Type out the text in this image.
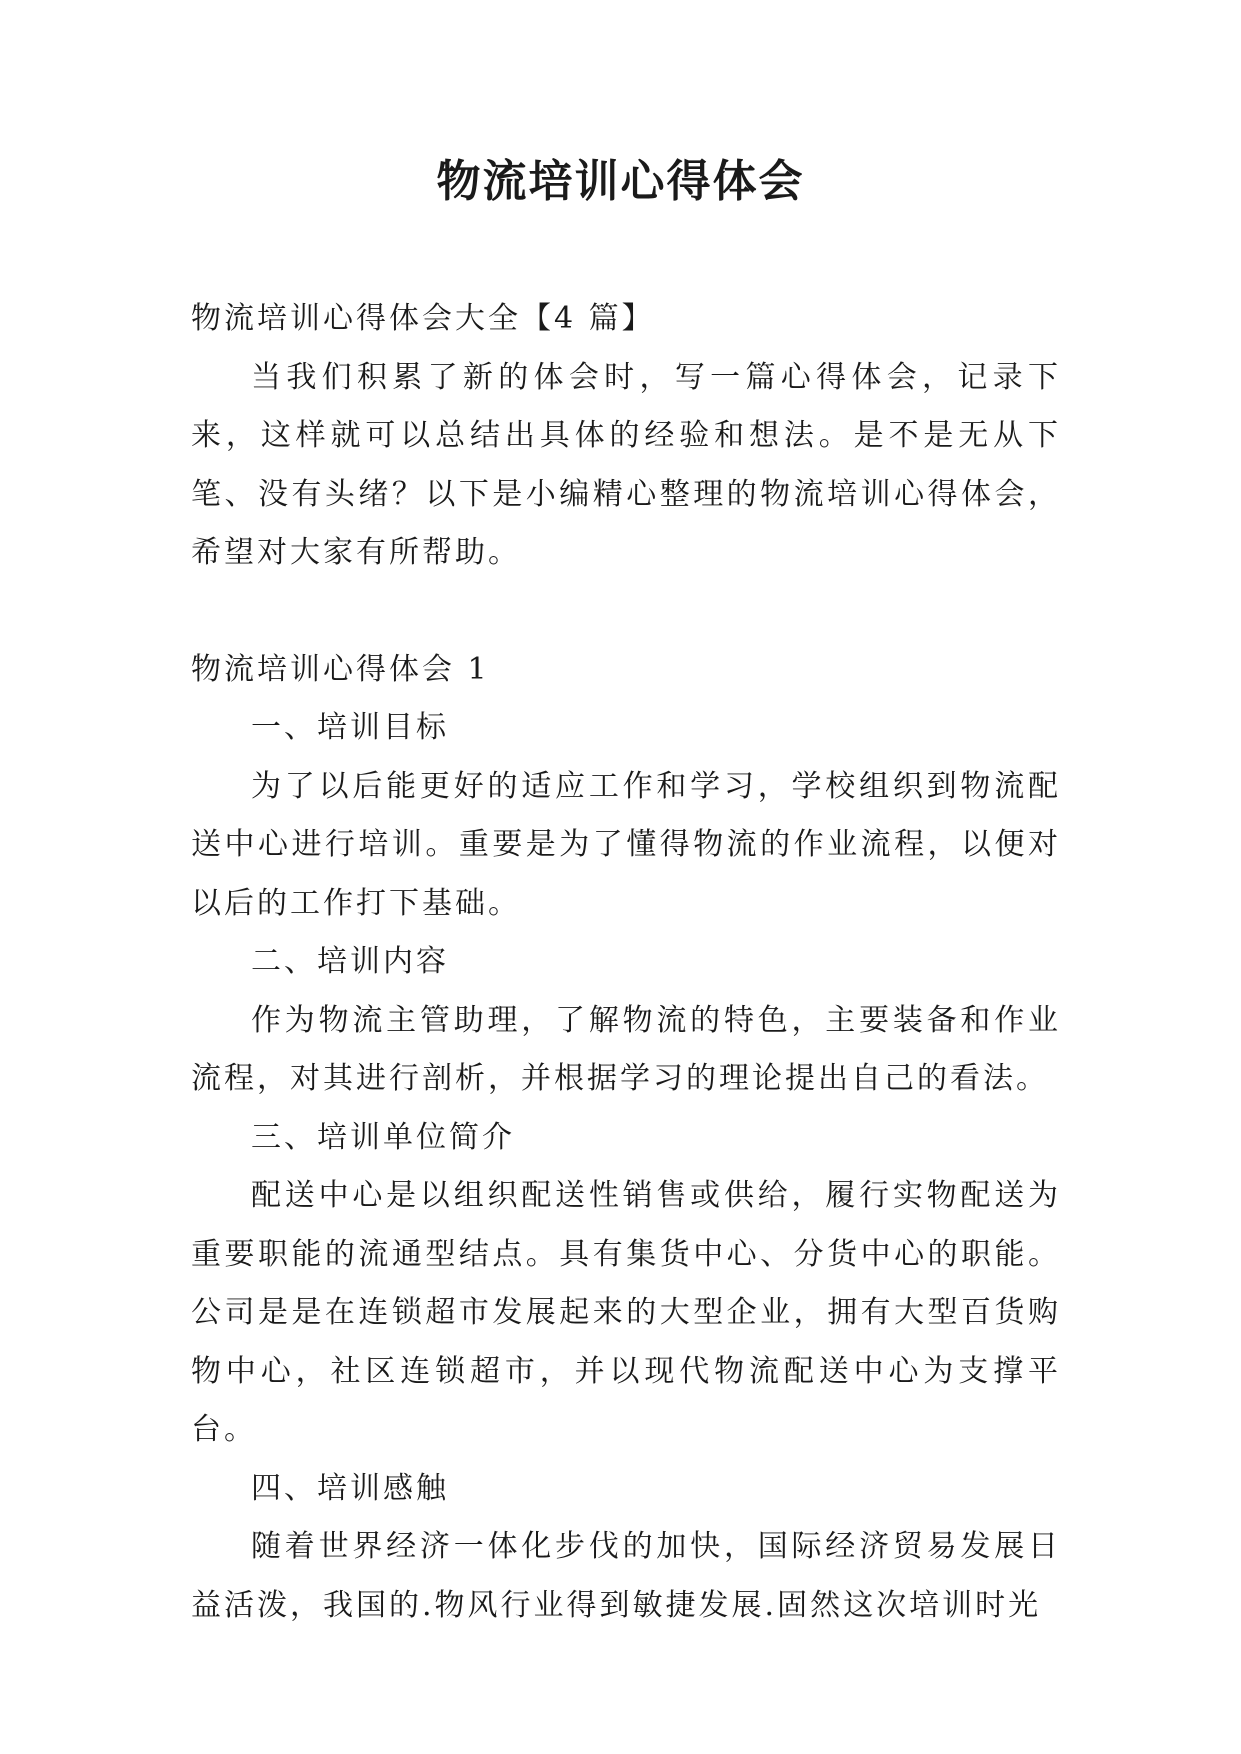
物流培训心得体会

物流培训心得体会大全【4 篇】

当我们积累了新的体会时，写一篇心得体会，记录下来，这样就可以总结出具体的经验和想法。是不是无从下笔、没有头绪？以下是小编精心整理的物流培训心得体会，希望对大家有所帮助。

物流培训心得体会 1

一、培训目标

为了以后能更好的适应工作和学习，学校组织到物流配送中心进行培训。重要是为了懂得物流的作业流程，以便对以后的工作打下基础。

二、培训内容

作为物流主管助理，了解物流的特色，主要装备和作业流程，对其进行剖析，并根据学习的理论提出自己的看法。

三、培训单位简介

配送中心是以组织配送性销售或供给，履行实物配送为重要职能的流通型结点。具有集货中心、分货中心的职能。公司是是在连锁超市发展起来的大型企业，拥有大型百货购物中心，社区连锁超市，并以现代物流配送中心为支撑平台。

四、培训感触

随着世界经济一体化步伐的加快，国际经济贸易发展日益活泼，我国的.物风行业得到敏捷发展.固然这次培训时光
